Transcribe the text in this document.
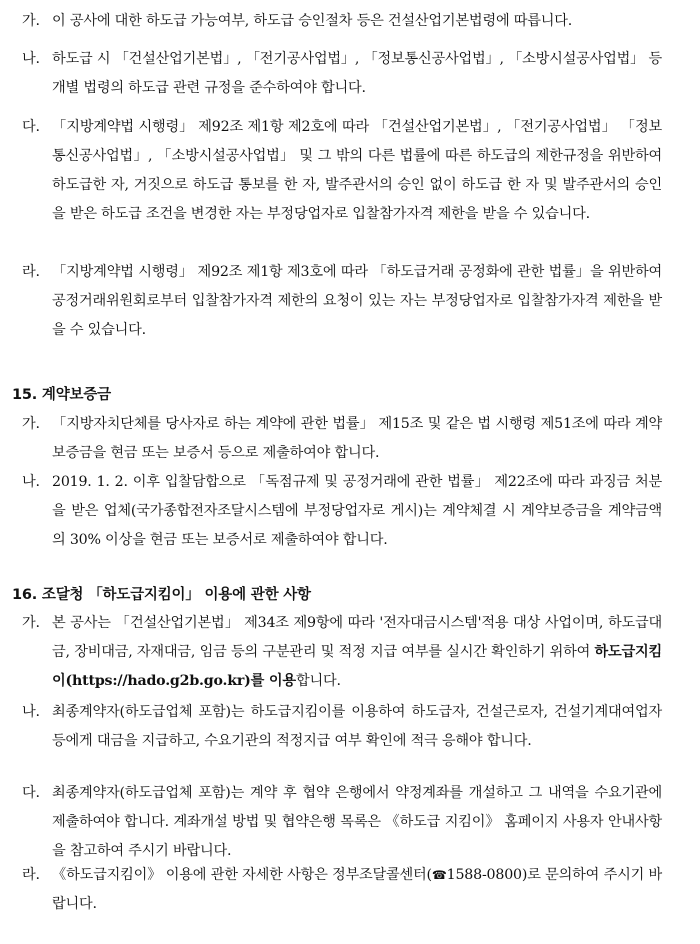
가. 이 공사에 대한 하도급 가능여부, 하도급 승인절차 등은 건설산업기본법령에 따릅니다.
나. 하도급 시 「건설산업기본법」, 「전기공사업법」, 「정보통신공사업법」, 「소방시설공사업법」 등 개별 법령의 하도급 관련 규정을 준수하여야 합니다.
다. 「지방계약법 시행령」 제92조 제1항 제2호에 따라 「건설산업기본법」, 「전기공사업법」 「정보통신공사업법」, 「소방시설공사업법」 및 그 밖의 다른 법률에 따른 하도급의 제한규정을 위반하여 하도급한 자, 거짓으로 하도급 통보를 한 자, 발주관서의 승인 없이 하도급 한 자 및 발주관서의 승인을 받은 하도급 조건을 변경한 자는 부정당업자로 입찰참가자격 제한을 받을 수 있습니다.
라. 「지방계약법 시행령」 제92조 제1항 제3호에 따라 「하도급거래 공정화에 관한 법률」을 위반하여 공정거래위원회로부터 입찰참가자격 제한의 요청이 있는 자는 부정당업자로 입찰참가자격 제한을 받을 수 있습니다.
15. 계약보증금
가. 「지방자치단체를 당사자로 하는 계약에 관한 법률」 제15조 및 같은 법 시행령 제51조에 따라 계약보증금을 현금 또는 보증서 등으로 제출하여야 합니다.
나. 2019. 1. 2. 이후 입찰담합으로 「독점규제 및 공정거래에 관한 법률」 제22조에 따라 과징금 처분을 받은 업체(국가종합전자조달시스템에 부정당업자로 게시)는 계약체결 시 계약보증금을 계약금액의 30% 이상을 현금 또는 보증서로 제출하여야 합니다.
16. 조달청 「하도급지킴이」 이용에 관한 사항
가. 본 공사는 「건설산업기본법」 제34조 제9항에 따라 '전자대금시스템'적용 대상 사업이며, 하도급대금, 장비대금, 자재대금, 임금 등의 구분관리 및 적정 지급 여부를 실시간 확인하기 위하여 하도급지킴이(https://hado.g2b.go.kr)를 이용합니다.
나. 최종계약자(하도급업체 포함)는 하도급지킴이를 이용하여 하도급자, 건설근로자, 건설기계대여업자 등에게 대금을 지급하고, 수요기관의 적정지급 여부 확인에 적극 응해야 합니다.
다. 최종계약자(하도급업체 포함)는 계약 후 협약 은행에서 약정계좌를 개설하고 그 내역을 수요기관에 제출하여야 합니다. 계좌개설 방법 및 협약은행 목록은 《하도급 지킴이》 홈페이지 사용자 안내사항을 참고하여 주시기 바랍니다.
라. 《하도급지킴이》 이용에 관한 자세한 사항은 정부조달콜센터(☎1588-0800)로 문의하여 주시기 바랍니다.
